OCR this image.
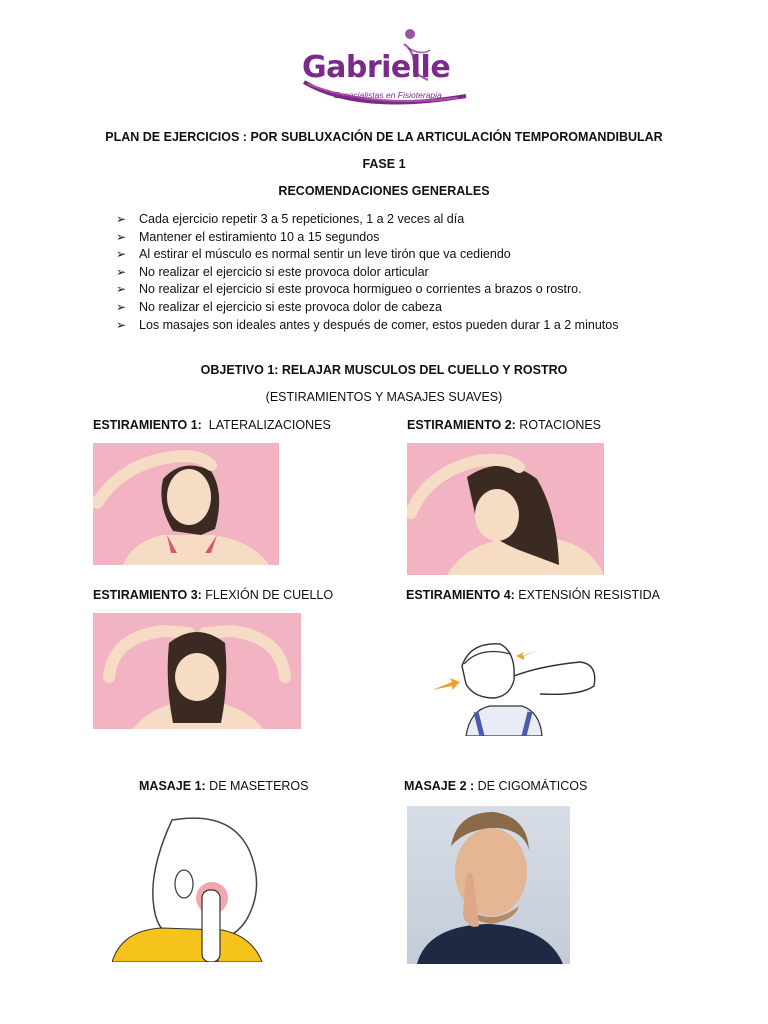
Gabrielle
Especialistas en Fisioterapia
PLAN DE EJERCICIOS : POR SUBLUXACIÓN DE LA ARTICULACIÓN TEMPOROMANDIBULAR
FASE 1
RECOMENDACIONES GENERALES
➢ Cada ejercicio repetir 3 a 5 repeticiones, 1 a 2 veces al día
➢ Mantener el estiramiento 10 a 15 segundos
➢ Al estirar el músculo es normal sentir un leve tirón que va cediendo
➢ No realizar el ejercicio si este provoca dolor articular
➢ No realizar el ejercicio si este provoca hormigueo o corrientes a brazos o rostro.
➢ No realizar el ejercicio si este provoca dolor de cabeza
➢ Los masajes son ideales antes y después de comer, estos pueden durar 1 a 2 minutos
OBJETIVO 1: RELAJAR MUSCULOS DEL CUELLO Y ROSTRO
(ESTIRAMIENTOS Y MASAJES SUAVES)
ESTIRAMIENTO 1: LATERALIZACIONES	ESTIRAMIENTO 2: ROTACIONES
ESTIRAMIENTO 3: FLEXIÓN DE CUELLO	ESTIRAMIENTO 4: EXTENSIÓN RESISTIDA
MASAJE 1: DE MASETEROS	MASAJE 2 : DE CIGOMÁTICOS
